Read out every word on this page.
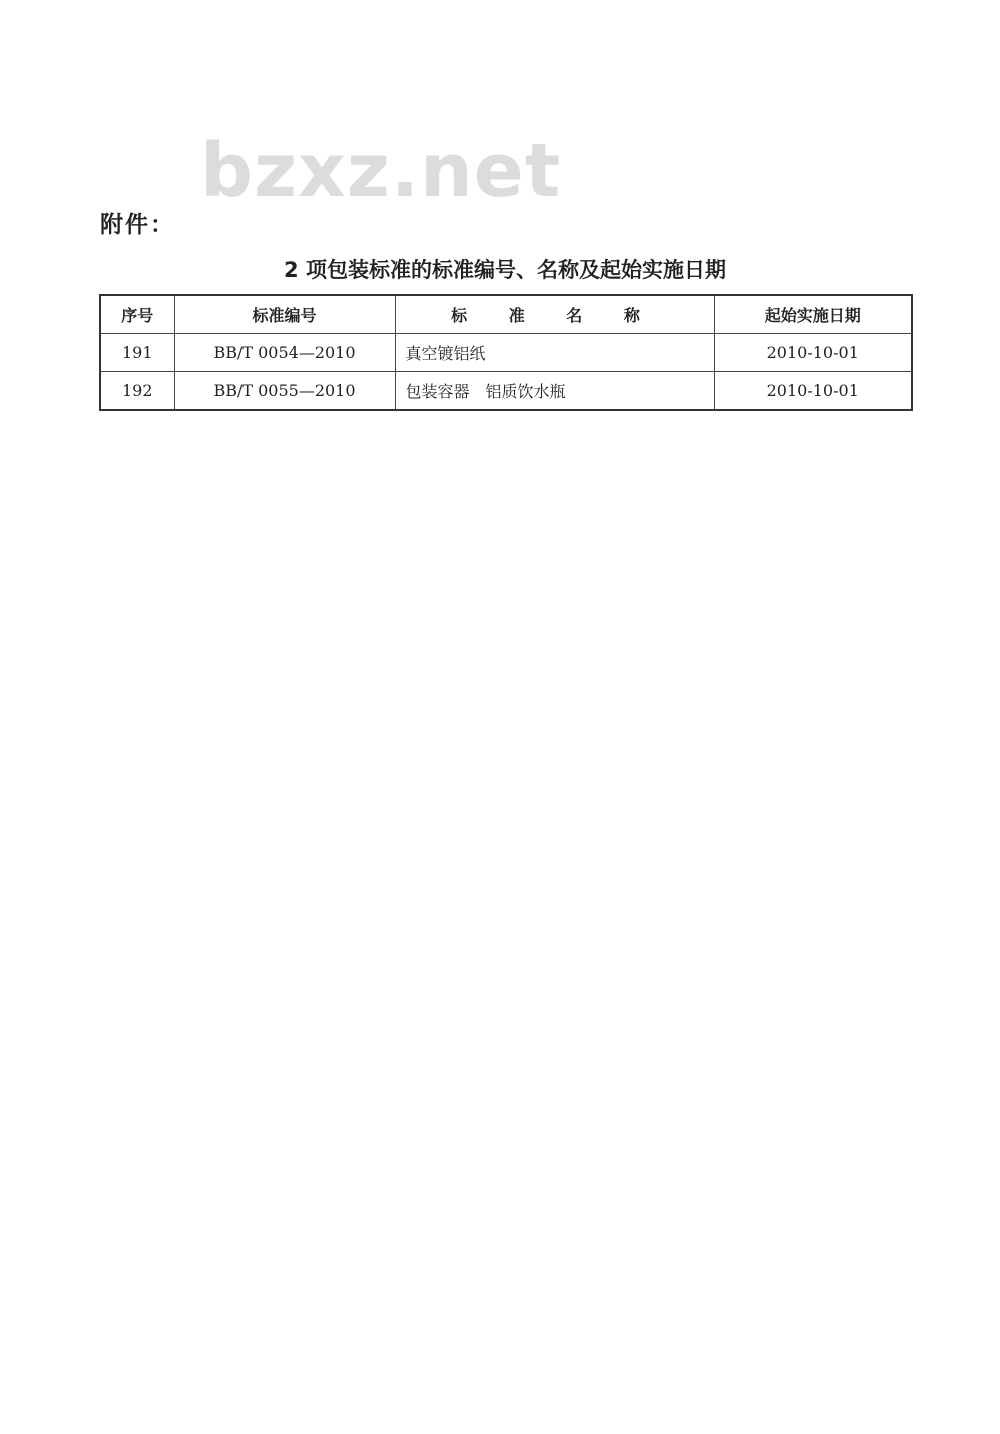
bzxz.net
附件：
2 项包装标准的标准编号、名称及起始实施日期
序号	标准编号	标 准 名 称	起始实施日期
191	BB/T 0054—2010	真空镀铝纸	2010-10-01
192	BB/T 0055—2010	包装容器　铝质饮水瓶	2010-10-01
